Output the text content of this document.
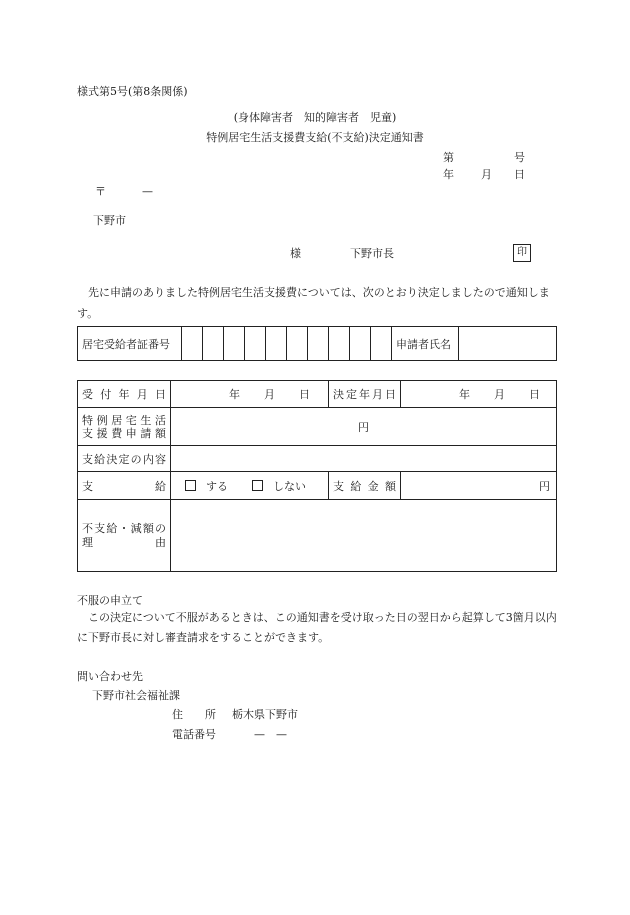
様式第5号(第8条関係)
(身体障害者　知的障害者　児童)
特例居宅生活支援費支給(不支給)決定通知書
第	号
年 月 日
〒	—
下野市
様	下野市長	印
先に申請のありました特例居宅生活支援費については、次のとおり決定しましたので通知します。
居宅受給者証番号											申請者氏名	
受付年月日	年 月 日	決定年月日	年 月 日

特例居宅生活
支援費申請額	円		

支給決定の内容			

支給	する しない	支給金額	円

不支給・減額の
理由			

不服の申立て
この決定について不服があるときは、この通知書を受け取った日の翌日から起算して3箇月以内に下野市長に対し審査請求をすることができます。
問い合わせ先
下野市社会福祉課
住　　所 栃木県下野市
電話番号	—　—
